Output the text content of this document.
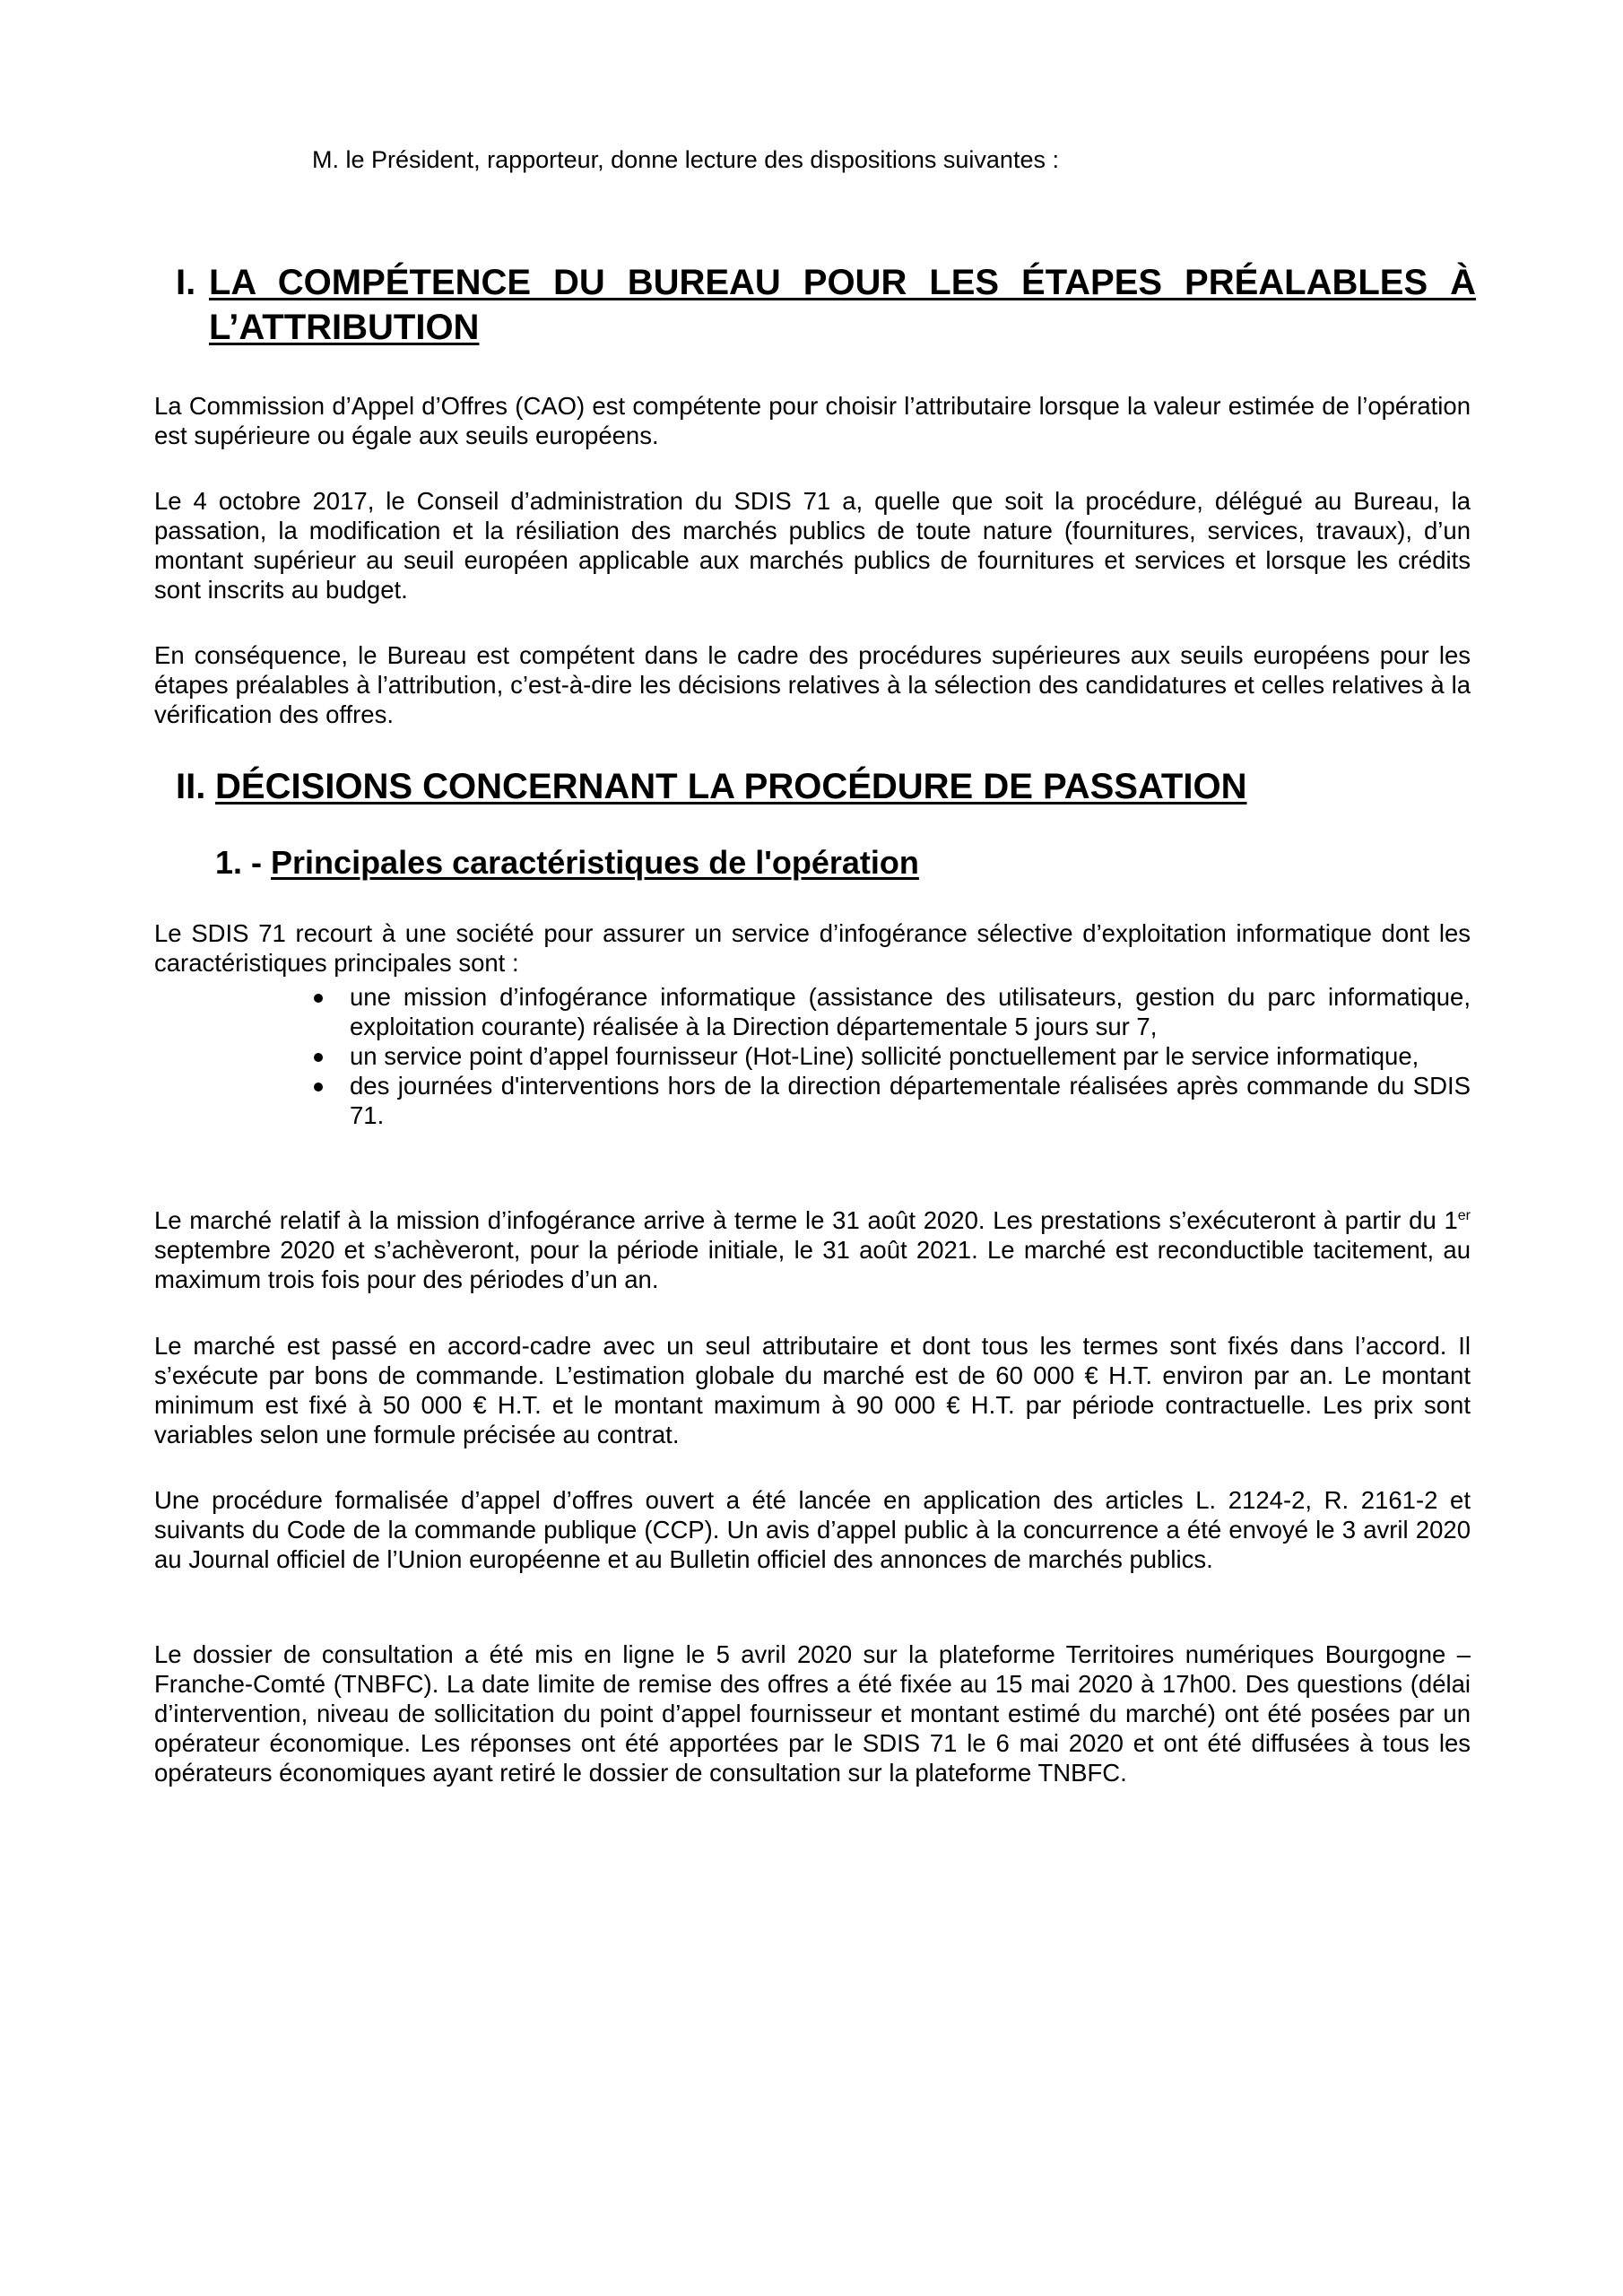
M. le Président, rapporteur, donne lecture des dispositions suivantes :

I. LA COMPÉTENCE DU BUREAU POUR LES ÉTAPES PRÉALABLES À
L’ATTRIBUTION

La Commission d’Appel d’Offres (CAO) est compétente pour choisir l’attributaire lorsque la valeur estimée de l’opération est supérieure ou égale aux seuils européens.

Le 4 octobre 2017, le Conseil d’administration du SDIS 71 a, quelle que soit la procédure, délégué au Bureau, la passation, la modification et la résiliation des marchés publics de toute nature (fournitures, services, travaux), d’un montant supérieur au seuil européen applicable aux marchés publics de fournitures et services et lorsque les crédits sont inscrits au budget.

En conséquence, le Bureau est compétent dans le cadre des procédures supérieures aux seuils européens pour les étapes préalables à l’attribution, c’est-à-dire les décisions relatives à la sélection des candidatures et celles relatives à la vérification des offres.

II. DÉCISIONS CONCERNANT LA PROCÉDURE DE PASSATION

1. - Principales caractéristiques de l'opération

Le SDIS 71 recourt à une société pour assurer un service d’infogérance sélective d’exploitation informatique dont les caractéristiques principales sont :

une mission d’infogérance informatique (assistance des utilisateurs, gestion du parc informatique, exploitation courante) réalisée à la Direction départementale 5 jours sur 7,
un service point d’appel fournisseur (Hot-Line) sollicité ponctuellement par le service informatique,
des journées d'interventions hors de la direction départementale réalisées après commande du SDIS 71.

Le marché relatif à la mission d’infogérance arrive à terme le 31 août 2020. Les prestations s’exécuteront à partir du 1er septembre 2020 et s’achèveront, pour la période initiale, le 31 août 2021. Le marché est reconductible tacitement, au maximum trois fois pour des périodes d’un an.

Le marché est passé en accord-cadre avec un seul attributaire et dont tous les termes sont fixés dans l’accord. Il s’exécute par bons de commande. L’estimation globale du marché est de 60 000 € H.T. environ par an. Le montant minimum est fixé à 50 000 € H.T. et le montant maximum à 90 000 € H.T. par période contractuelle. Les prix sont variables selon une formule précisée au contrat.

Une procédure formalisée d’appel d’offres ouvert a été lancée en application des articles L. 2124-2, R. 2161-2 et suivants du Code de la commande publique (CCP). Un avis d’appel public à la concurrence a été envoyé le 3 avril 2020 au Journal officiel de l’Union européenne et au Bulletin officiel des annonces de marchés publics.

Le dossier de consultation a été mis en ligne le 5 avril 2020 sur la plateforme Territoires numériques Bourgogne – Franche-Comté (TNBFC). La date limite de remise des offres a été fixée au 15 mai 2020 à 17h00. Des questions (délai d’intervention, niveau de sollicitation du point d’appel fournisseur et montant estimé du marché) ont été posées par un opérateur économique. Les réponses ont été apportées par le SDIS 71 le 6 mai 2020 et ont été diffusées à tous les opérateurs économiques ayant retiré le dossier de consultation sur la plateforme TNBFC.
